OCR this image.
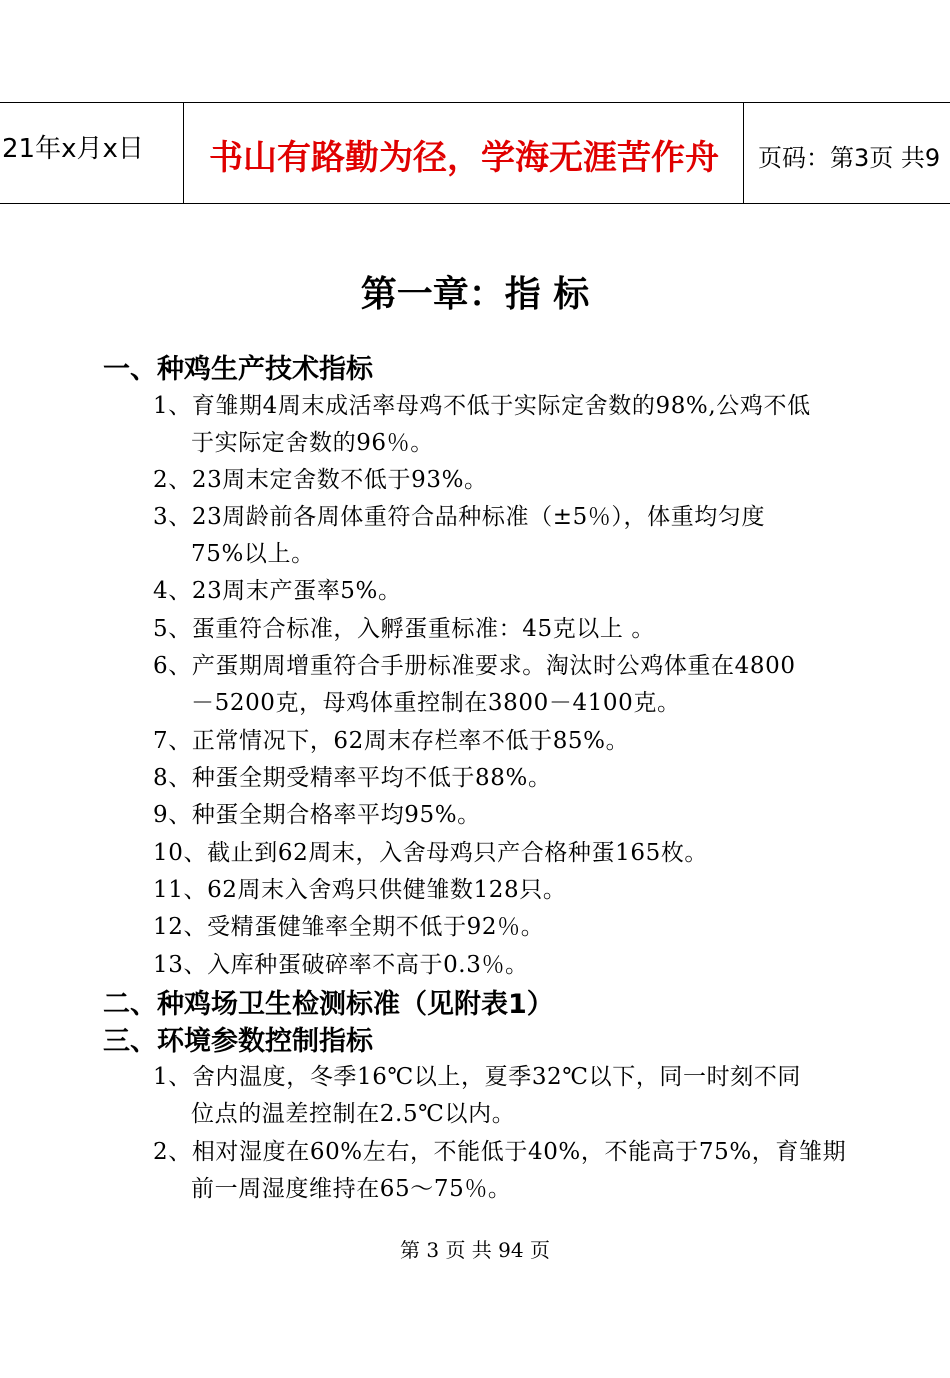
21年x月x日	书山有路勤为径，学海无涯苦作舟	页码：第3页 共9
第一章：指 标
一、种鸡生产技术指标
1、育雏期4周末成活率母鸡不低于实际定舍数的98%,公鸡不低
于实际定舍数的96％。
2、23周末定舍数不低于93%。
3、23周龄前各周体重符合品种标准（±5％），体重均匀度
75%以上。
4、23周末产蛋率5%。
5、蛋重符合标准，入孵蛋重标准：45克以上 。
6、产蛋期周增重符合手册标准要求。淘汰时公鸡体重在4800
－5200克，母鸡体重控制在3800－4100克。
7、正常情况下，62周末存栏率不低于85%。
8、种蛋全期受精率平均不低于88%。
9、种蛋全期合格率平均95%。
10、截止到62周末，入舍母鸡只产合格种蛋165枚。
11、62周末入舍鸡只供健雏数128只。
12、受精蛋健雏率全期不低于92％。
13、入库种蛋破碎率不高于0.3％。
二、种鸡场卫生检测标准（见附表1）
三、环境参数控制指标
1、舍内温度，冬季16℃以上，夏季32℃以下，同一时刻不同
位点的温差控制在2.5℃以内。
2、相对湿度在60%左右，不能低于40%，不能高于75%，育雏期
前一周湿度维持在65～75％。
第 3 页 共 94 页
